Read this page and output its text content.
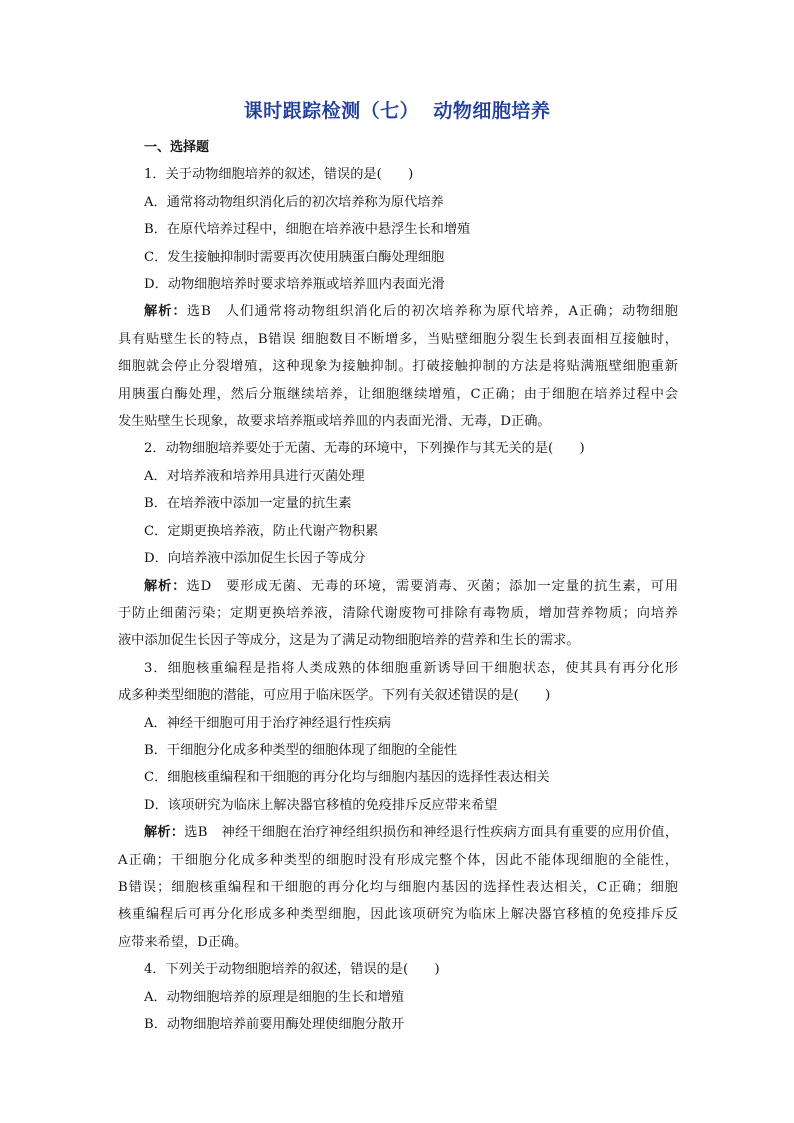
课时跟踪检测（七）  动物细胞培养
一、选择题
1．关于动物细胞培养的叙述，错误的是(　　)
A．通常将动物组织消化后的初次培养称为原代培养
B．在原代培养过程中，细胞在培养液中悬浮生长和增殖
C．发生接触抑制时需要再次使用胰蛋白酶处理细胞
D．动物细胞培养时要求培养瓶或培养皿内表面光滑
解析：选B 人们通常将动物组织消化后的初次培养称为原代培养，A正确；动物细胞
具有贴壁生长的特点，B错误 细胞数目不断增多，当贴壁细胞分裂生长到表面相互接触时，
细胞就会停止分裂增殖，这种现象为接触抑制。打破接触抑制的方法是将贴满瓶壁细胞重新
用胰蛋白酶处理，然后分瓶继续培养，让细胞继续增殖，C正确；由于细胞在培养过程中会
发生贴壁生长现象，故要求培养瓶或培养皿的内表面光滑、无毒，D正确。
2．动物细胞培养要处于无菌、无毒的环境中，下列操作与其无关的是(　　)
A．对培养液和培养用具进行灭菌处理
B．在培养液中添加一定量的抗生素
C．定期更换培养液，防止代谢产物积累
D．向培养液中添加促生长因子等成分
解析：选D 要形成无菌、无毒的环境，需要消毒、灭菌；添加一定量的抗生素，可用
于防止细菌污染；定期更换培养液，清除代谢废物可排除有毒物质，增加营养物质；向培养
液中添加促生长因子等成分，这是为了满足动物细胞培养的营养和生长的需求。
3．细胞核重编程是指将人类成熟的体细胞重新诱导回干细胞状态，使其具有再分化形
成多种类型细胞的潜能，可应用于临床医学。下列有关叙述错误的是(　　)
A．神经干细胞可用于治疗神经退行性疾病
B．干细胞分化成多种类型的细胞体现了细胞的全能性
C．细胞核重编程和干细胞的再分化均与细胞内基因的选择性表达相关
D．该项研究为临床上解决器官移植的免疫排斥反应带来希望
解析：选B 神经干细胞在治疗神经组织损伤和神经退行性疾病方面具有重要的应用价值，
A正确；干细胞分化成多种类型的细胞时没有形成完整个体，因此不能体现细胞的全能性，
B错误；细胞核重编程和干细胞的再分化均与细胞内基因的选择性表达相关，C正确；细胞
核重编程后可再分化形成多种类型细胞，因此该项研究为临床上解决器官移植的免疫排斥反
应带来希望，D正确。
4．下列关于动物细胞培养的叙述，错误的是(　　)
A．动物细胞培养的原理是细胞的生长和增殖
B．动物细胞培养前要用酶处理使细胞分散开
